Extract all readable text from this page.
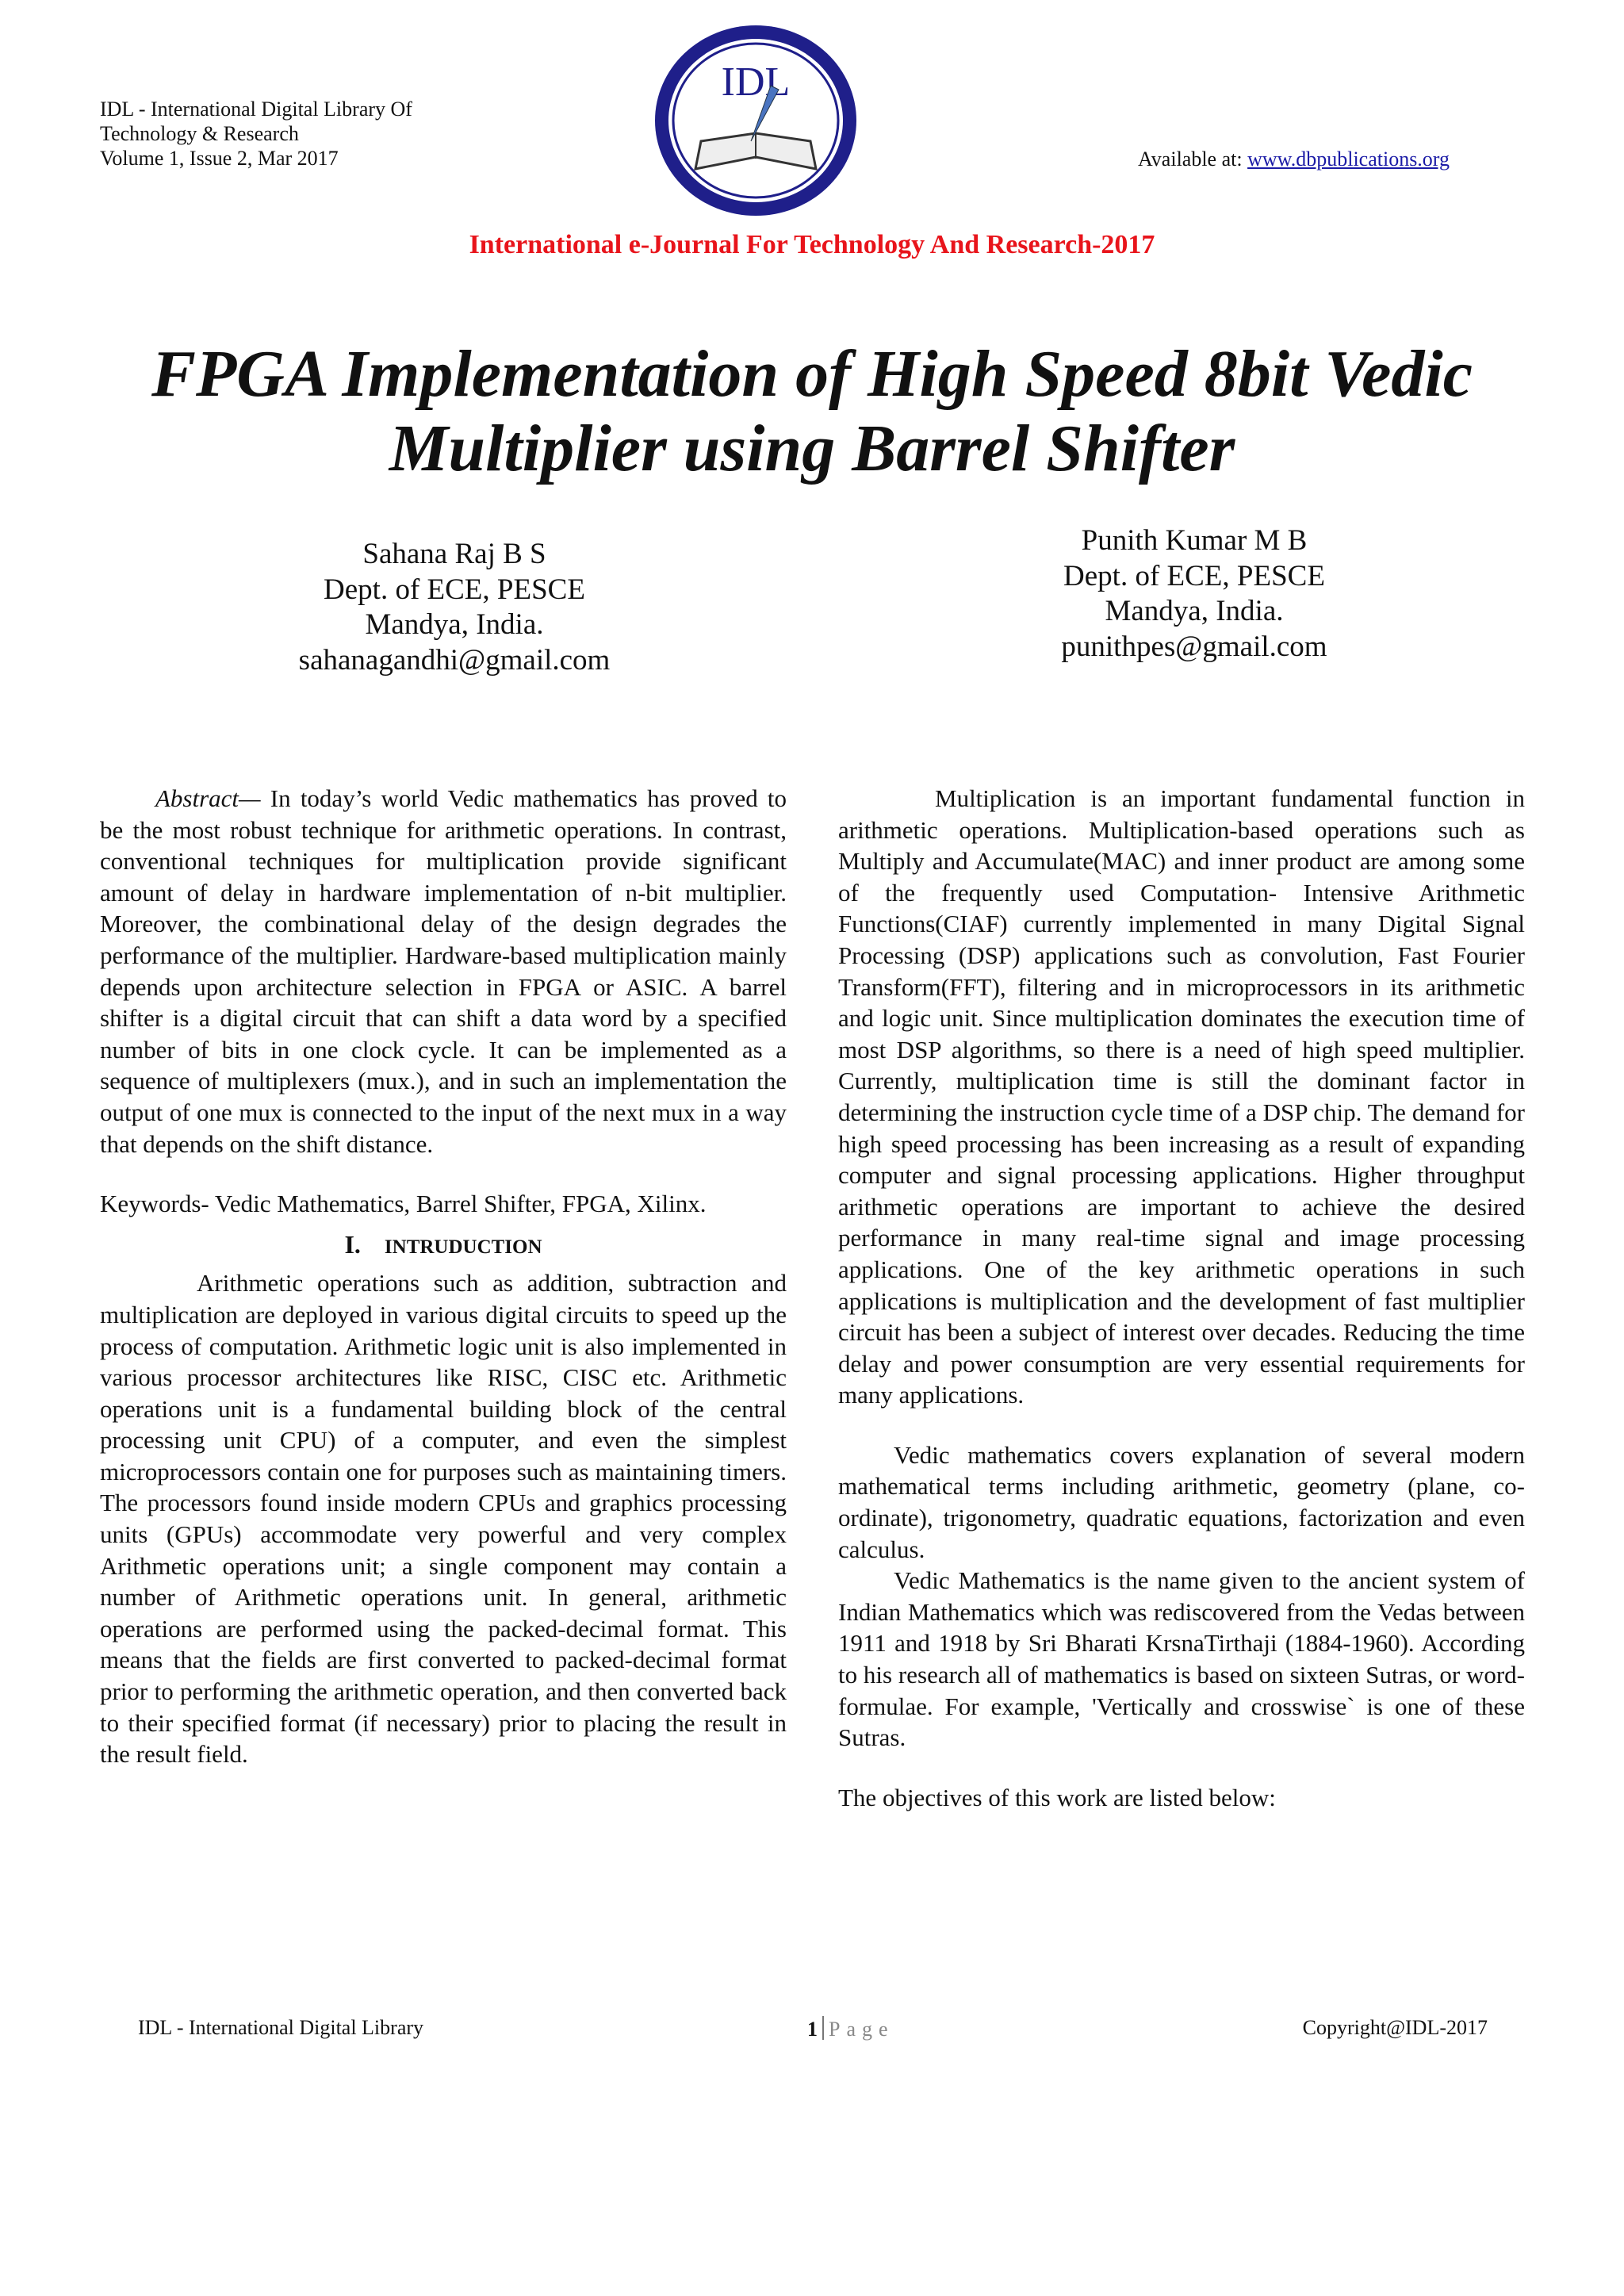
IDL - International Digital Library Of
Technology & Research
Volume 1, Issue 2, Mar 2017
IDL
Available at: www.dbpublications.org
International e-Journal For Technology And Research-2017
FPGA Implementation of High Speed 8bit Vedic
Multiplier using Barrel Shifter
Sahana Raj B S
Dept. of ECE, PESCE
Mandya, India.
sahanagandhi@gmail.com
Punith Kumar M B
Dept. of ECE, PESCE
Mandya, India.
punithpes@gmail.com

Abstract— In today’s world Vedic mathematics has proved to be the most robust technique for arithmetic operations. In contrast, conventional techniques for multiplication provide significant amount of delay in hardware implementation of n-bit multiplier. Moreover, the combinational delay of the design degrades the performance of the multiplier. Hardware-based multiplication mainly depends upon architecture selection in FPGA or ASIC. A barrel shifter is a digital circuit that can shift a data word by a specified number of bits in one clock cycle. It can be implemented as a sequence of multiplexers (mux.), and in such an implementation the output of one mux is connected to the input of the next mux in a way that depends on the shift distance.

Keywords- Vedic Mathematics, Barrel Shifter, FPGA, Xilinx.

I. INTRUDUCTION

Arithmetic operations such as addition, subtraction and multiplication are deployed in various digital circuits to speed up the process of computation. Arithmetic logic unit is also implemented in various processor architectures like RISC, CISC etc. Arithmetic operations unit is a fundamental building block of the central processing unit CPU) of a computer, and even the simplest microprocessors contain one for purposes such as maintaining timers. The processors found inside modern CPUs and graphics processing units (GPUs) accommodate very powerful and very complex Arithmetic operations unit; a single component may contain a number of Arithmetic operations unit. In general, arithmetic operations are performed using the packed-decimal format. This means that the fields are first converted to packed-decimal format prior to performing the arithmetic operation, and then converted back to their specified format (if necessary) prior to placing the result in the result field.

Multiplication is an important fundamental function in arithmetic operations. Multiplication-based operations such as Multiply and Accumulate(MAC) and inner product are among some of the frequently used Computation- Intensive Arithmetic Functions(CIAF) currently implemented in many Digital Signal Processing (DSP) applications such as convolution, Fast Fourier Transform(FFT), filtering and in microprocessors in its arithmetic and logic unit. Since multiplication dominates the execution time of most DSP algorithms, so there is a need of high speed multiplier. Currently, multiplication time is still the dominant factor in determining the instruction cycle time of a DSP chip. The demand for high speed processing has been increasing as a result of expanding computer and signal processing applications. Higher throughput arithmetic operations are important to achieve the desired performance in many real-time signal and image processing applications. One of the key arithmetic operations in such applications is multiplication and the development of fast multiplier circuit has been a subject of interest over decades. Reducing the time delay and power consumption are very essential requirements for many applications.

Vedic mathematics covers explanation of several modern mathematical terms including arithmetic, geometry (plane, co-ordinate), trigonometry, quadratic equations, factorization and even calculus.

Vedic Mathematics is the name given to the ancient system of Indian Mathematics which was rediscovered from the Vedas between 1911 and 1918 by Sri Bharati KrsnaTirthaji (1884-1960). According to his research all of mathematics is based on sixteen Sutras, or word-formulae. For example, 'Vertically and crosswise` is one of these Sutras.

The objectives of this work are listed below:

IDL - International Digital Library	1 Page	Copyright@IDL-2017
